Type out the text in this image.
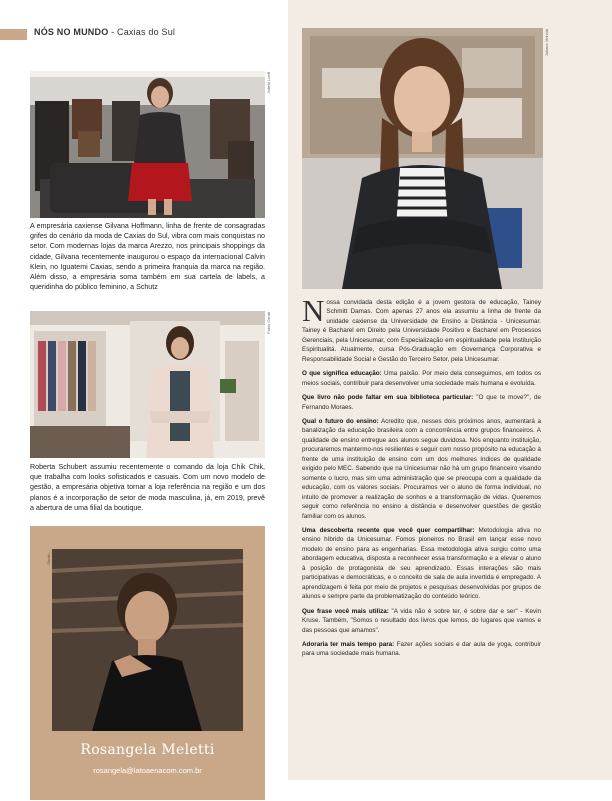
NÓS NO MUNDO - Caxias do Sul
Julieta Loeff
A empresária caxiense Gilvana Hoffmann, linha de frente de consagradas grifes do cenário da moda de Caxias do Sul, vibra com mais conquistas no setor. Com modernas lojas da marca Arezzo, nos principais shoppings da cidade, Gilvana recentemente inaugurou o espaço da internacional Calvin Klein, no Iguatemi Caxias, sendo a primeira franquia da marca na região. Além disso, a empresária soma também em sua cartela de labels, a queridinha do público feminino, a Schutz
Fabio Cerati
Roberta Schubert assumiu recentemente o comando da loja Chik Chik, que trabalha com looks sofisticados e casuais. Com um novo modelo de gestão, a empresária objetiva tornar a loja referência na região e um dos planos é a incorporação de setor de moda masculina, já, em 2019, prevê a abertura de uma filial da boutique.
Studio...
Rosangela Meletti
rosangela@latoaenacom.com.br
Juliana Vinhola

Nossa convidada desta edição é a jovem gestora de educação, Tainey Schmitt Damas. Com apenas 27 anos ela assumiu a linha de frente da unidade caxiense da Universidade de Ensino a Distância - Unicesumar. Tainey é Bacharel em Direito pela Universidade Positivo e Bacharel em Processos Gerenciais, pela Unicesumar, com Especialização em espiritualidade pela Instituição Espiritualitá. Atualmente, cursa Pós-Graduação em Governança Corporativa e Responsabilidade Social e Gestão do Terceiro Setor, pela Unicesumar.

O que significa educação: Uma paixão. Por meio dela conseguimos, em todos os meios sociais, contribuir para desenvolver uma sociedade mais humana e evoluída.

Que livro não pode faltar em sua biblioteca particular: "O que te move?", de Fernando Moraes.

Qual o futuro do ensino: Acredito que, nesses dois próximos anos, aumentará a banalização da educação brasileira com a concorrência entre grupos financeiros. A qualidade de ensino entregue aos alunos segue duvidosa. Nós enquanto instituição, procuraremos mantermo-nos resilientes e seguir com nosso propósito na educação à frente de uma instituição de ensino com um dos melhores índices de qualidade exigido pelo MEC. Sabendo que na Unicesumar não há um grupo financeiro visando somente o lucro, mas sim uma administração que se preocupa com a qualidade da educação, com os valores sociais. Procuramos ver o aluno de forma individual, no intuito de promover a realização de sonhos e a transformação de vidas. Queremos seguir como referência no ensino a distância e desenvolver questões de gestão familiar com os alunos.

Uma descoberta recente que você quer compartilhar: Metodologia ativa no ensino híbrido da Unicesumar. Fomos pioneiros no Brasil em lançar esse novo modelo de ensino para as engenharias. Essa metodologia ativa surgiu como uma abordagem educativa, disposta a reconhecer essa transformação e a elevar o aluno à posição de protagonista de seu aprendizado. Essas interações são mais participativas e democráticas, e o conceito de sala de aula invertida é empregado. A aprendizagem é feita por meio de projetos e pesquisas desenvolvidas por grupos de alunos e sempre parte da problematização do conteúdo teórico.

Que frase você mais utiliza: "A vida não é sobre ter, é sobre dar e ser" - Kevin Kruse. Também, "Somos o resultado dos livros que lemos, do lugares que vamos e das pessoas que amamos".

Adoraria ter mais tempo para: Fazer ações sociais e dar aula de yoga, contribuir para uma sociedade mais humana.
